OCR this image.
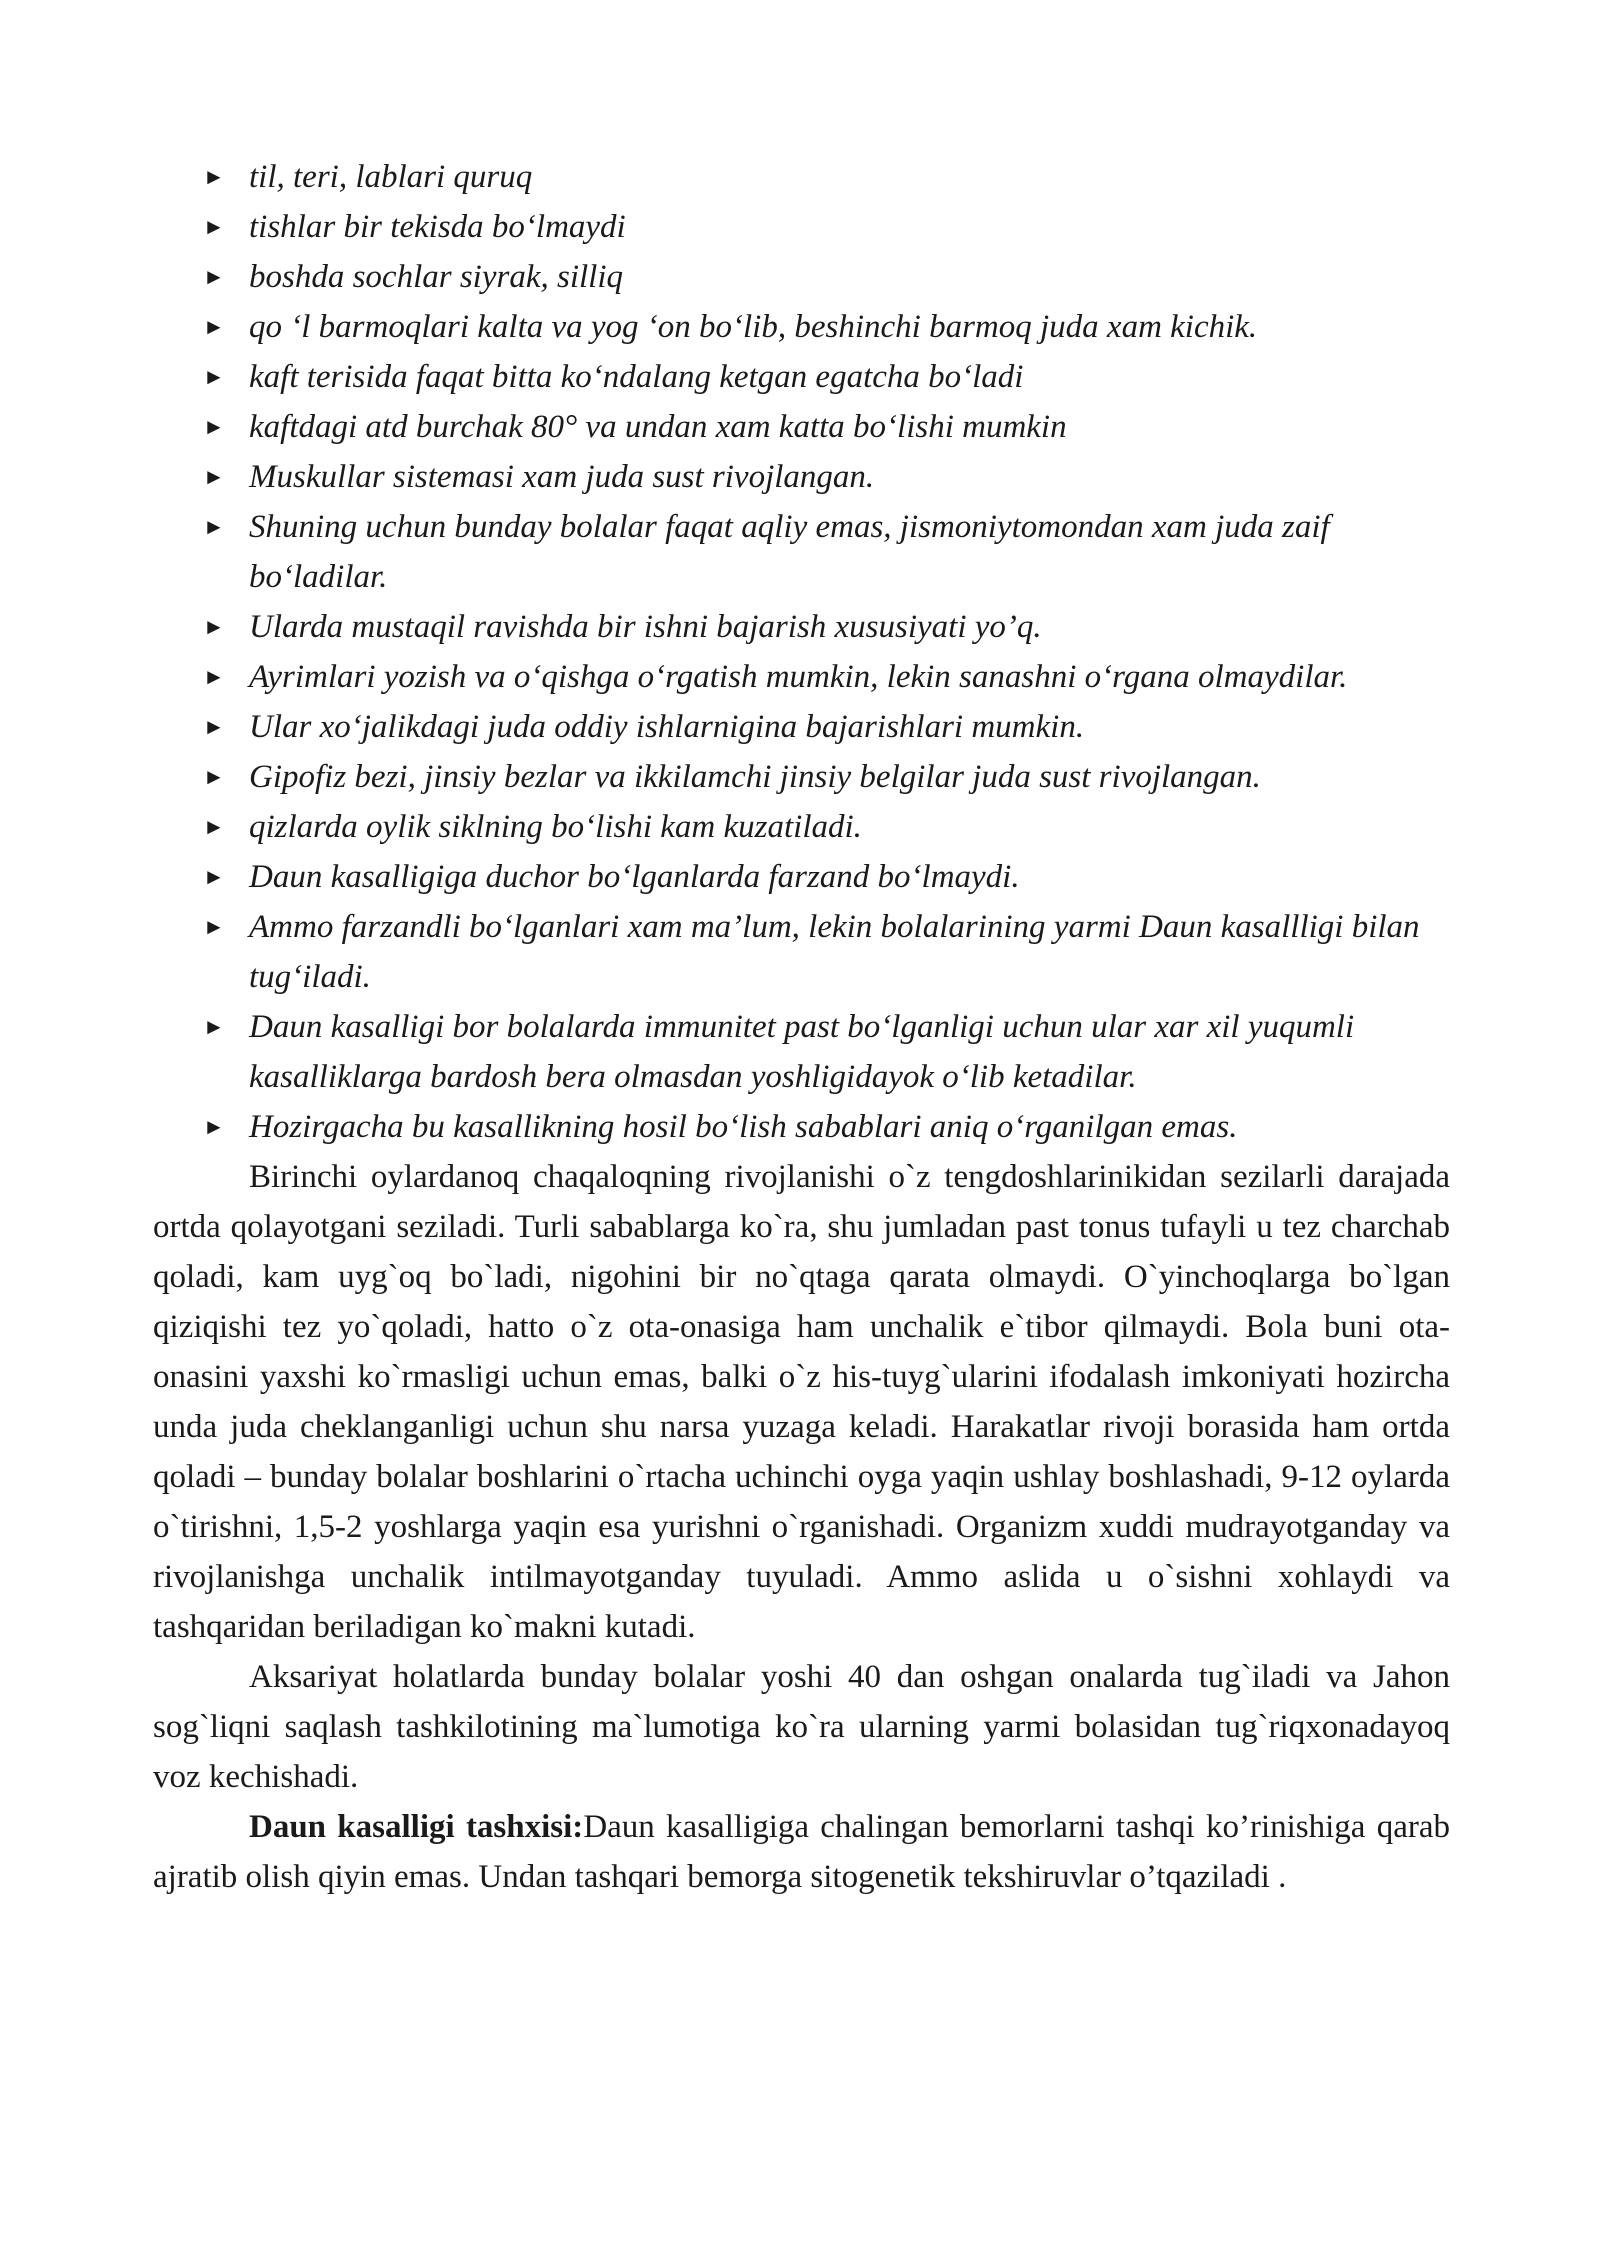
► til, teri, lablari quruq
► tishlar bir tekisda bo‘lmaydi
► boshda sochlar siyrak, silliq
► qo ‘l barmoqlari kalta va yog ‘on bo‘lib, beshinchi barmoq juda xam kichik.
► kaft terisida faqat bitta ko‘ndalang ketgan egatcha bo‘ladi
► kaftdagi atd burchak 80° va undan xam katta bo‘lishi mumkin
► Muskullar sistemasi xam juda sust rivojlangan.
► Shuning uchun bunday bolalar faqat aqliy emas, jismoniytomondan xam juda zaif bo‘ladilar.
► Ularda mustaqil ravishda bir ishni bajarish xususiyati yo’q.
► Ayrimlari yozish va o‘qishga o‘rgatish mumkin, lekin sanashni o‘rgana olmaydilar.
► Ular xo‘jalikdagi juda oddiy ishlarnigina bajarishlari mumkin.
► Gipofiz bezi, jinsiy bezlar va ikkilamchi jinsiy belgilar juda sust rivojlangan.
► qizlarda oylik siklning bo‘lishi kam kuzatiladi.
► Daun kasalligiga duchor bo‘lganlarda farzand bo‘lmaydi.
► Ammo farzandli bo‘lganlari xam ma’lum, lekin bolalarining yarmi Daun kasallligi bilan tug‘iladi.
► Daun kasalligi bor bolalarda immunitet past bo‘lganligi uchun ular xar xil yuqumli kasalliklarga bardosh bera olmasdan yoshligidayok o‘lib ketadilar.
► Hozirgacha bu kasallikning hosil bo‘lish sabablari aniq o‘rganilgan emas.

Birinchi oylardanoq chaqaloqning rivojlanishi o`z tengdoshlarinikidan sezilarli darajada ortda qolayotgani seziladi. Turli sabablarga ko`ra, shu jumladan past tonus tufayli u tez charchab qoladi, kam uyg`oq bo`ladi, nigohini bir no`qtaga qarata olmaydi. O`yinchoqlarga bo`lgan qiziqishi tez yo`qoladi, hatto o`z ota-onasiga ham unchalik e`tibor qilmaydi. Bola buni ota-onasini yaxshi ko`rmasligi uchun emas, balki o`z his-tuyg`ularini ifodalash imkoniyati hozircha unda juda cheklanganligi uchun shu narsa yuzaga keladi. Harakatlar rivoji borasida ham ortda qoladi – bunday bolalar boshlarini o`rtacha uchinchi oyga yaqin ushlay boshlashadi, 9-12 oylarda o`tirishni, 1,5-2 yoshlarga yaqin esa yurishni o`rganishadi. Organizm xuddi mudrayotganday va rivojlanishga unchalik intilmayotganday tuyuladi. Ammo aslida u o`sishni xohlaydi va tashqaridan beriladigan ko`makni kutadi.

Aksariyat holatlarda bunday bolalar yoshi 40 dan oshgan onalarda tug`iladi va Jahon sog`liqni saqlash tashkilotining ma`lumotiga ko`ra ularning yarmi bolasidan tug`riqxonadayoq voz kechishadi.

Daun kasalligi tashxisi:Daun kasalligiga chalingan bemorlarni tashqi ko’rinishiga qarab ajratib olish qiyin emas. Undan tashqari bemorga sitogenetik tekshiruvlar o’tqaziladi .
